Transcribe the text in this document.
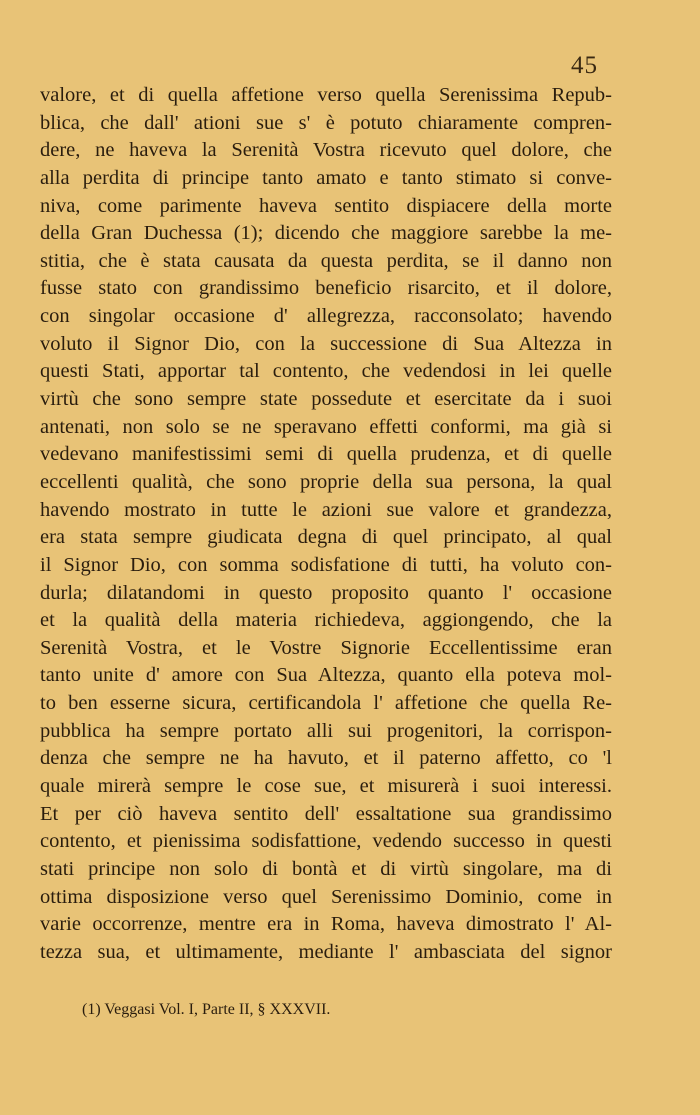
45
valore, et di quella affetione verso quella Serenissima Repub-
blica, che dall' ationi sue s' è potuto chiaramente compren-
dere, ne haveva la Serenità Vostra ricevuto quel dolore, che
alla perdita di principe tanto amato e tanto stimato si conve-
niva, come parimente haveva sentito dispiacere della morte
della Gran Duchessa (1); dicendo che maggiore sarebbe la me-
stitia, che è stata causata da questa perdita, se il danno non
fusse stato con grandissimo beneficio risarcito, et il dolore,
con singolar occasione d' allegrezza, racconsolato; havendo
voluto il Signor Dio, con la successione di Sua Altezza in
questi Stati, apportar tal contento, che vedendosi in lei quelle
virtù che sono sempre state possedute et esercitate da i suoi
antenati, non solo se ne speravano effetti conformi, ma già si
vedevano manifestissimi semi di quella prudenza, et di quelle
eccellenti qualità, che sono proprie della sua persona, la qual
havendo mostrato in tutte le azioni sue valore et grandezza,
era stata sempre giudicata degna di quel principato, al qual
il Signor Dio, con somma sodisfatione di tutti, ha voluto con-
durla; dilatandomi in questo proposito quanto l' occasione
et la qualità della materia richiedeva, aggiongendo, che la
Serenità Vostra, et le Vostre Signorie Eccellentissime eran
tanto unite d' amore con Sua Altezza, quanto ella poteva mol-
to ben esserne sicura, certificandola l' affetione che quella Re-
pubblica ha sempre portato alli sui progenitori, la corrispon-
denza che sempre ne ha havuto, et il paterno affetto, co 'l
quale mirerà sempre le cose sue, et misurerà i suoi interessi.
Et per ciò haveva sentito dell' essaltatione sua grandissimo
contento, et pienissima sodisfattione, vedendo successo in questi
stati principe non solo di bontà et di virtù singolare, ma di
ottima disposizione verso quel Serenissimo Dominio, come in
varie occorrenze, mentre era in Roma, haveva dimostrato l' Al-
tezza sua, et ultimamente, mediante l' ambasciata del signor
(1) Veggasi Vol. I, Parte II, § XXXVII.
